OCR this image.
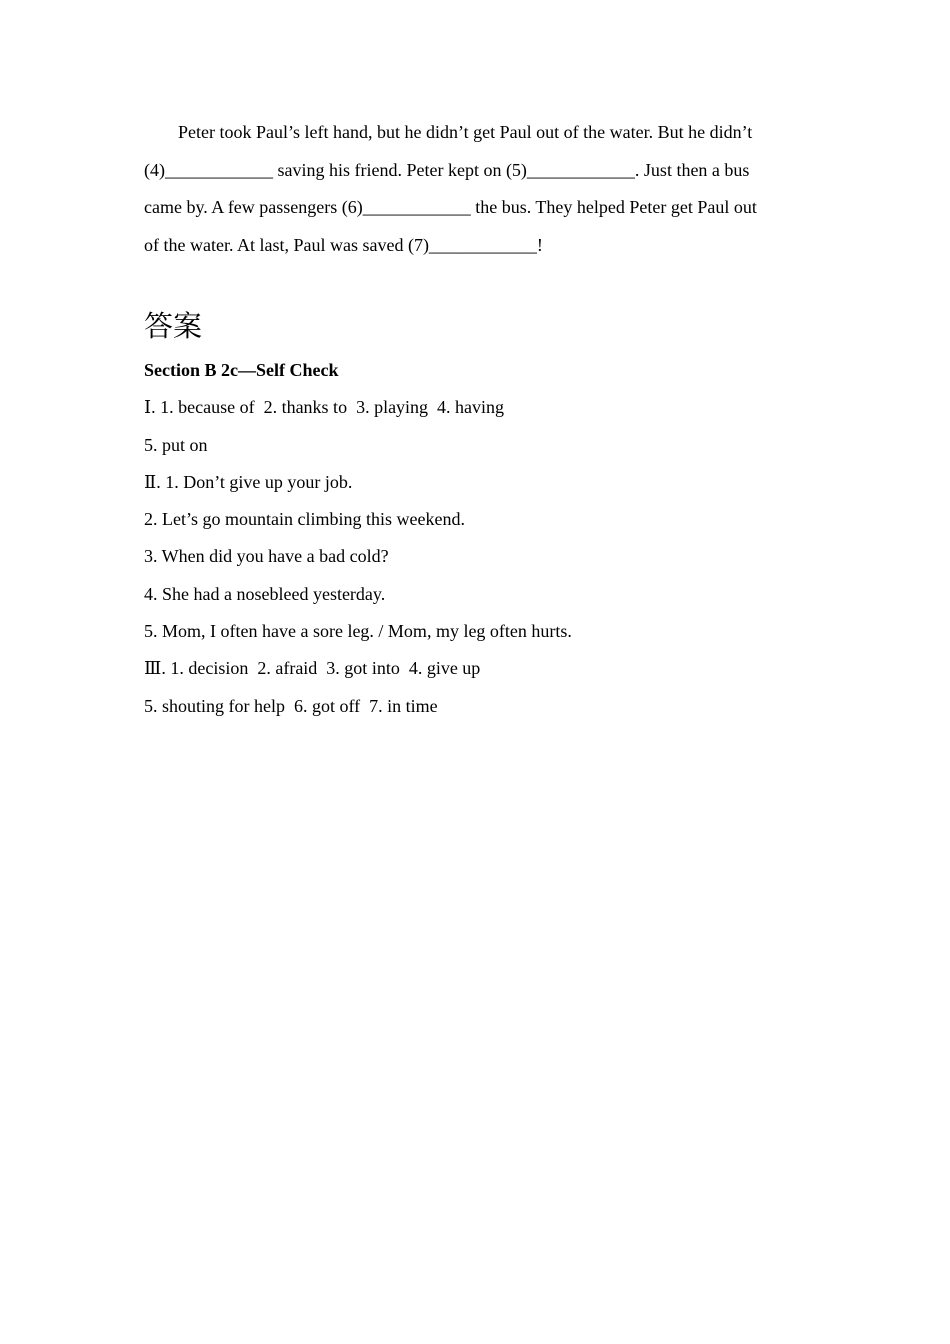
Peter took Paul’s left hand, but he didn’t get Paul out of the water. But he didn’t
(4)____________ saving his friend. Peter kept on (5)____________. Just then a bus
came by. A few passengers (6)____________ the bus. They helped Peter get Paul out
of the water. At last, Paul was saved (7)____________!
答案
Section B 2c—Self Check
Ⅰ. 1. because of  2. thanks to  3. playing  4. having
5. put on
Ⅱ. 1. Don’t give up your job.
2. Let’s go mountain climbing this weekend.
3. When did you have a bad cold?
4. She had a nosebleed yesterday.
5. Mom, I often have a sore leg. / Mom, my leg often hurts.
Ⅲ. 1. decision  2. afraid  3. got into  4. give up
5. shouting for help  6. got off  7. in time
